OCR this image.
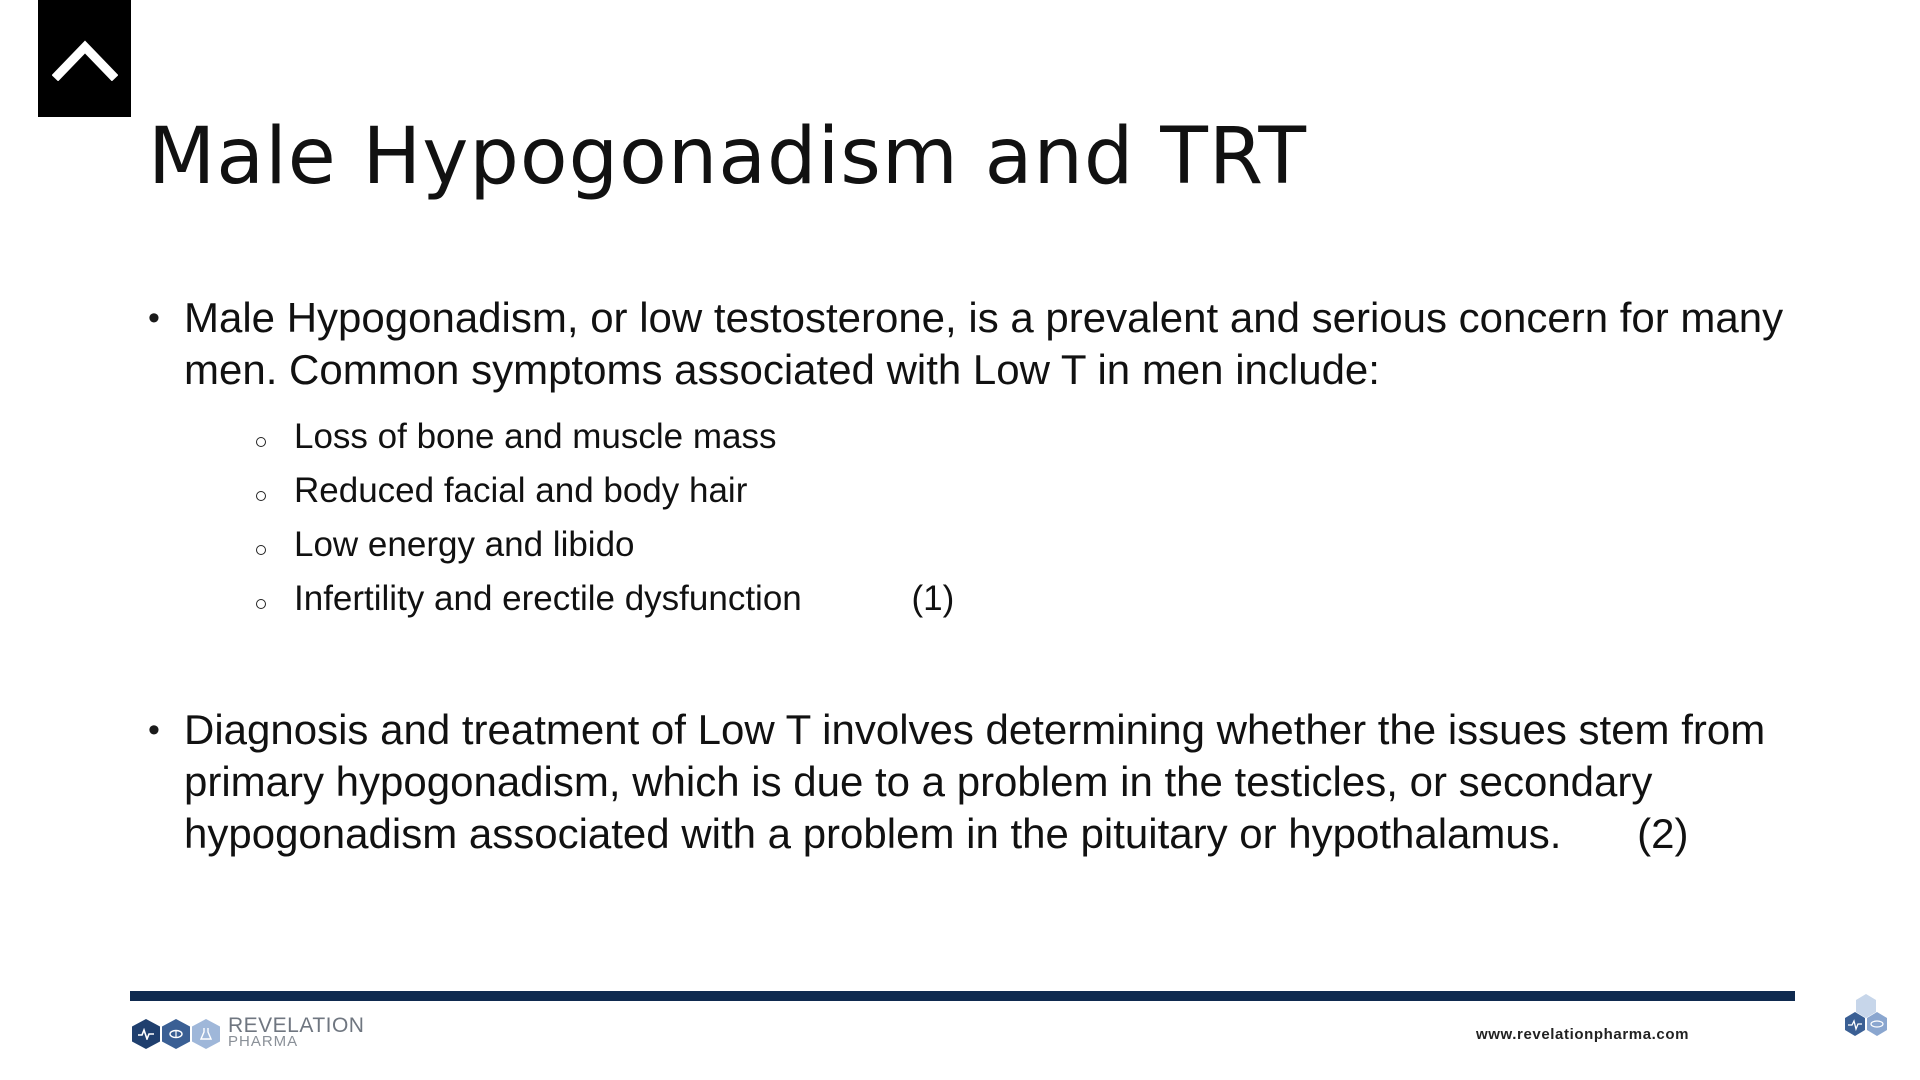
Male Hypogonadism and TRT
• Male Hypogonadism, or low testosterone, is a prevalent and serious concern for many men. Common symptoms associated with Low T in men include:
Loss of bone and muscle mass
Reduced facial and body hair
Low energy and libido
Infertility and erectile dysfunction	(1)
• Diagnosis and treatment of Low T involves determining whether the issues stem from primary hypogonadism, which is due to a problem in the testicles, or secondary hypogonadism associated with a problem in the pituitary or hypothalamus. (2)
REVELATION
PHARMA	www.revelationpharma.com
